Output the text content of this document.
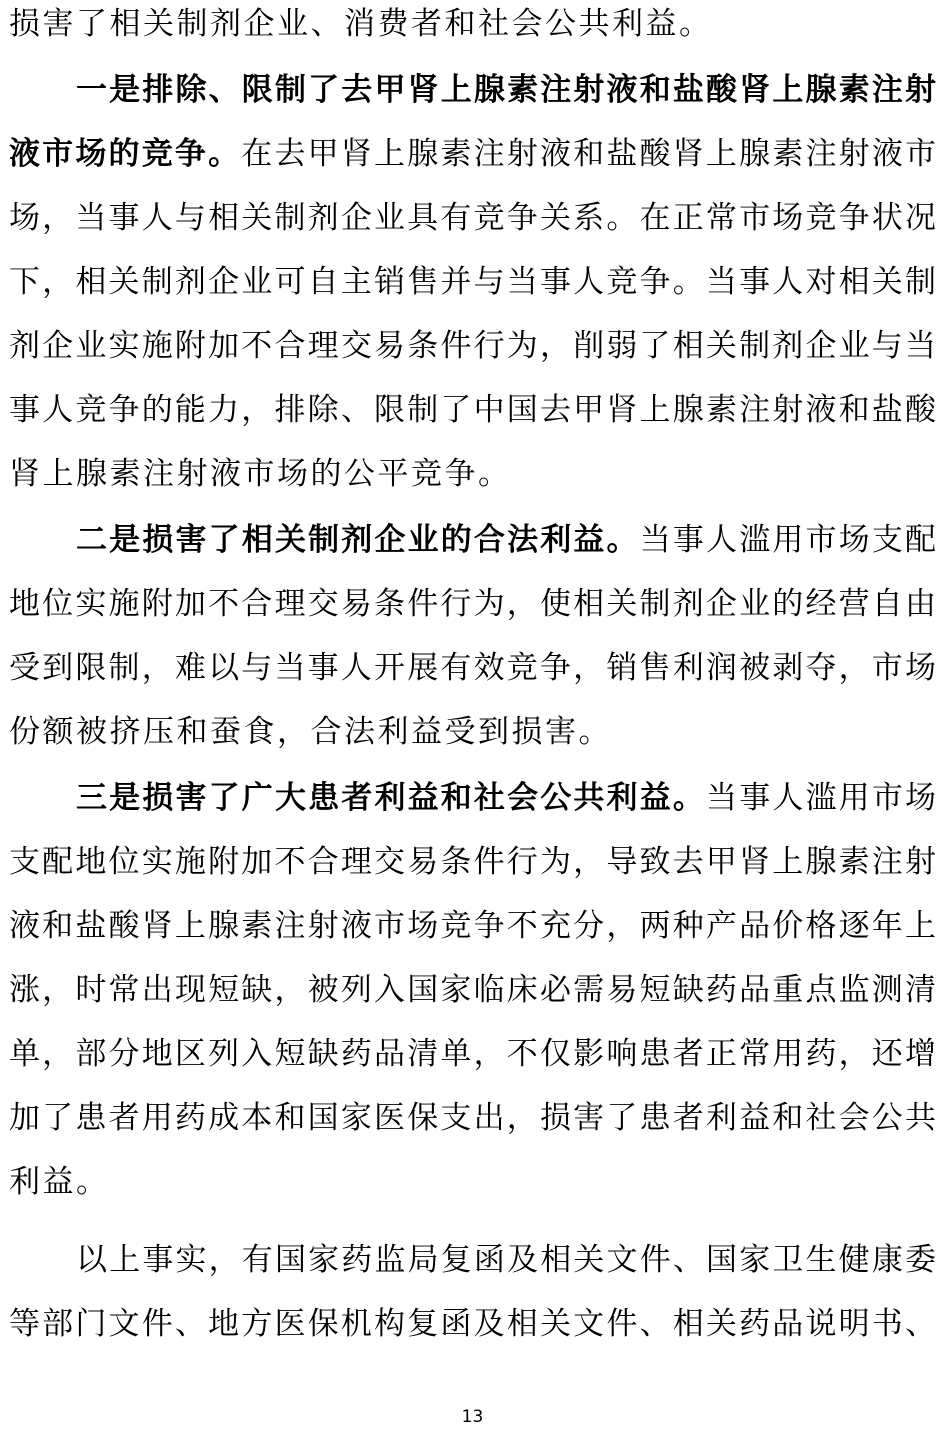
损害了相关制剂企业、消费者和社会公共利益。
一是排除、限制了去甲肾上腺素注射液和盐酸肾上腺素注射
液市场的竞争。在去甲肾上腺素注射液和盐酸肾上腺素注射液市
场，当事人与相关制剂企业具有竞争关系。在正常市场竞争状况
下，相关制剂企业可自主销售并与当事人竞争。当事人对相关制
剂企业实施附加不合理交易条件行为，削弱了相关制剂企业与当
事人竞争的能力，排除、限制了中国去甲肾上腺素注射液和盐酸
肾上腺素注射液市场的公平竞争。
二是损害了相关制剂企业的合法利益。当事人滥用市场支配
地位实施附加不合理交易条件行为，使相关制剂企业的经营自由
受到限制，难以与当事人开展有效竞争，销售利润被剥夺，市场
份额被挤压和蚕食，合法利益受到损害。
三是损害了广大患者利益和社会公共利益。当事人滥用市场
支配地位实施附加不合理交易条件行为，导致去甲肾上腺素注射
液和盐酸肾上腺素注射液市场竞争不充分，两种产品价格逐年上
涨，时常出现短缺，被列入国家临床必需易短缺药品重点监测清
单，部分地区列入短缺药品清单，不仅影响患者正常用药，还增
加了患者用药成本和国家医保支出，损害了患者利益和社会公共
利益。
以上事实，有国家药监局复函及相关文件、国家卫生健康委
等部门文件、地方医保机构复函及相关文件、相关药品说明书、
13
